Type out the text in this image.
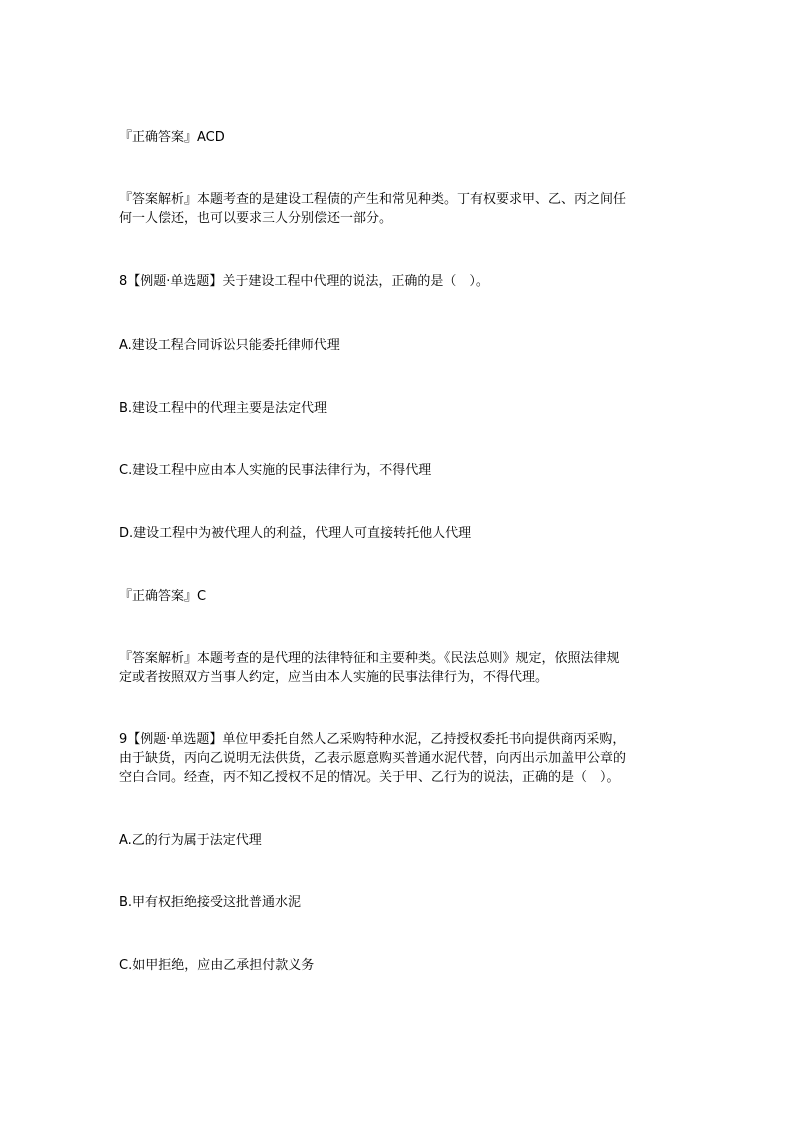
『正确答案』ACD

『答案解析』本题考查的是建设工程债的产生和常见种类。丁有权要求甲、乙、丙之间任
何一人偿还，也可以要求三人分别偿还一部分。

8【例题·单选题】关于建设工程中代理的说法，正确的是（　）。

A.建设工程合同诉讼只能委托律师代理

B.建设工程中的代理主要是法定代理

C.建设工程中应由本人实施的民事法律行为，不得代理

D.建设工程中为被代理人的利益，代理人可直接转托他人代理

『正确答案』C

『答案解析』本题考查的是代理的法律特征和主要种类。《民法总则》规定，依照法律规
定或者按照双方当事人约定，应当由本人实施的民事法律行为，不得代理。

9【例题·单选题】单位甲委托自然人乙采购特种水泥，乙持授权委托书向提供商丙采购，
由于缺货，丙向乙说明无法供货，乙表示愿意购买普通水泥代替，向丙出示加盖甲公章的
空白合同。经查，丙不知乙授权不足的情况。关于甲、乙行为的说法，正确的是（　）。

A.乙的行为属于法定代理

B.甲有权拒绝接受这批普通水泥

C.如甲拒绝，应由乙承担付款义务
